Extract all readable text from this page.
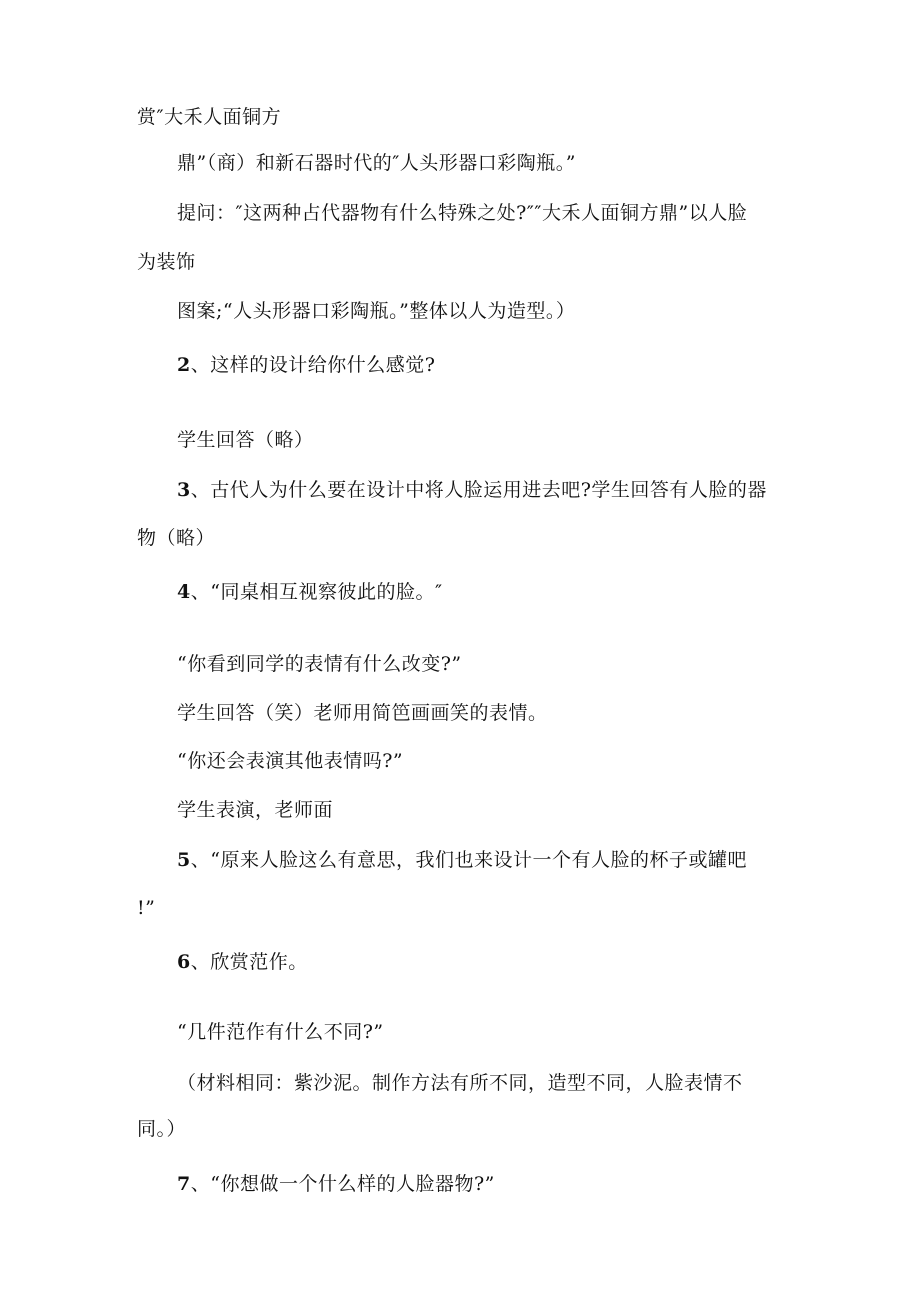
赏″大禾人面铜方
鼎”（商）和新石器时代的″人头形器口彩陶瓶。”
提问：″这两种占代器物有什么特殊之处?″″大禾人面铜方鼎”以人脸
为装饰
图案;“人头形器口彩陶瓶。”整体以人为造型。）
2、这样的设计给你什么感觉?
学生回答（略）
3、古代人为什么要在设计中将人脸运用进去吧?学生回答有人脸的器
物（略）
4、“同桌相互视察彼此的脸。″
“你看到同学的表情有什么改变?”
学生回答（笑）老师用简笆画画笑的表情。
“你还会表演其他表情吗?”
学生表演，老师面
5、“原来人脸这么有意思，我们也来设计一个有人脸的杯子或罐吧
!”
6、欣赏范作。
“几件范作有什么不同?”
（材料相同：紫沙泥。制作方法有所不同，造型不同，人脸表情不
同。）
7、“你想做一个什么样的人脸器物?”
